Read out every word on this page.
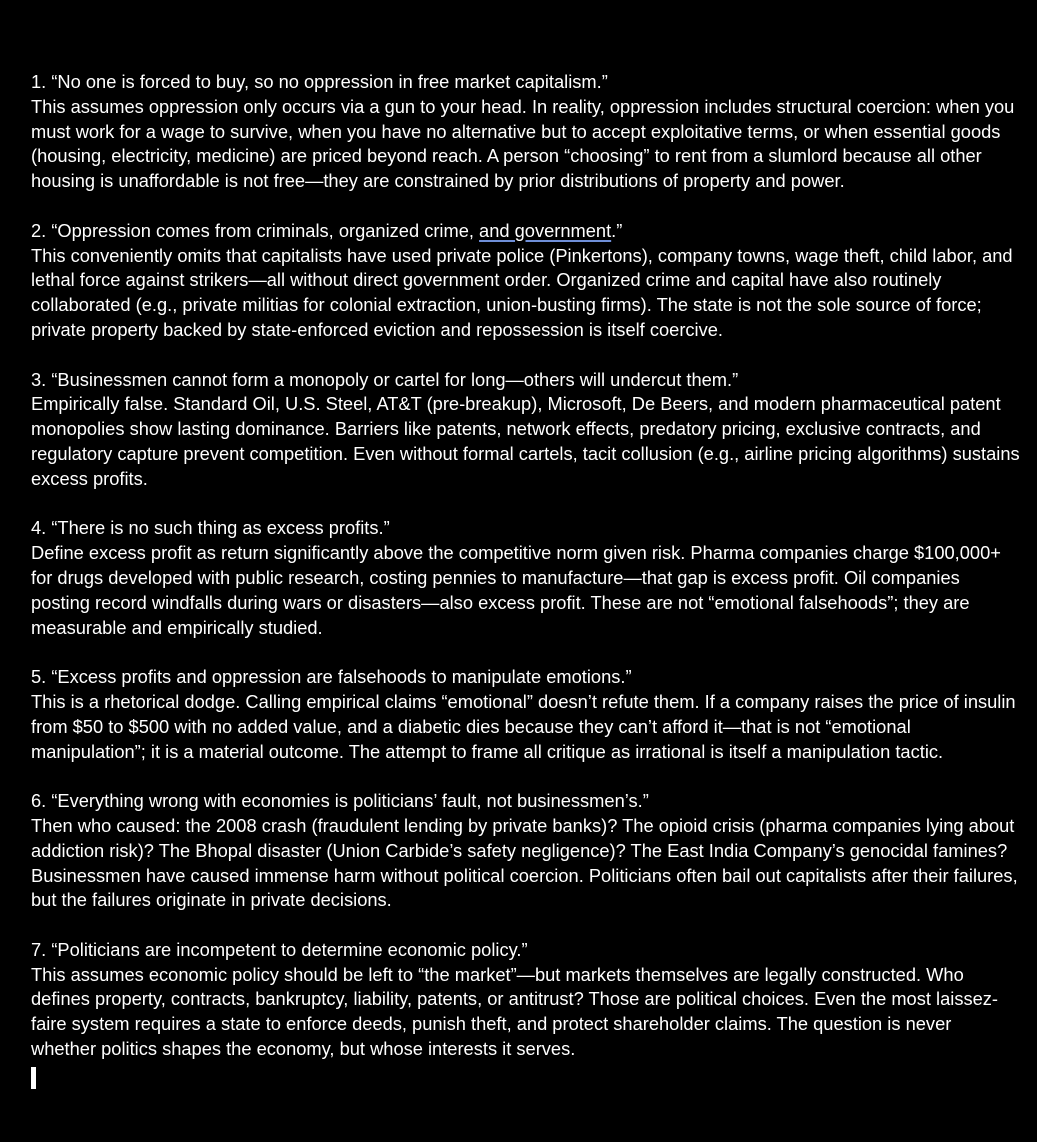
1. “No one is forced to buy, so no oppression in free market capitalism.”
This assumes oppression only occurs via a gun to your head. In reality, oppression includes structural coercion: when you must work for a wage to survive, when you have no alternative but to accept exploitative terms, or when essential goods (housing, electricity, medicine) are priced beyond reach. A person “choosing” to rent from a slumlord because all other housing is unaffordable is not free—they are constrained by prior distributions of property and power.
2. “Oppression comes from criminals, organized crime, and government.”
This conveniently omits that capitalists have used private police (Pinkertons), company towns, wage theft, child labor, and lethal force against strikers—all without direct government order. Organized crime and capital have also routinely collaborated (e.g., private militias for colonial extraction, union-busting firms). The state is not the sole source of force; private property backed by state-enforced eviction and repossession is itself coercive.
3. “Businessmen cannot form a monopoly or cartel for long—others will undercut them.”
Empirically false. Standard Oil, U.S. Steel, AT&T (pre-breakup), Microsoft, De Beers, and modern pharmaceutical patent monopolies show lasting dominance. Barriers like patents, network effects, predatory pricing, exclusive contracts, and regulatory capture prevent competition. Even without formal cartels, tacit collusion (e.g., airline pricing algorithms) sustains excess profits.
4. “There is no such thing as excess profits.”
Define excess profit as return significantly above the competitive norm given risk. Pharma companies charge $100,000+ for drugs developed with public research, costing pennies to manufacture—that gap is excess profit. Oil companies posting record windfalls during wars or disasters—also excess profit. These are not “emotional falsehoods”; they are measurable and empirically studied.
5. “Excess profits and oppression are falsehoods to manipulate emotions.”
This is a rhetorical dodge. Calling empirical claims “emotional” doesn’t refute them. If a company raises the price of insulin from $50 to $500 with no added value, and a diabetic dies because they can’t afford it—that is not “emotional manipulation”; it is a material outcome. The attempt to frame all critique as irrational is itself a manipulation tactic.
6. “Everything wrong with economies is politicians’ fault, not businessmen’s.”
Then who caused: the 2008 crash (fraudulent lending by private banks)? The opioid crisis (pharma companies lying about addiction risk)? The Bhopal disaster (Union Carbide’s safety negligence)? The East India Company’s genocidal famines? Businessmen have caused immense harm without political coercion. Politicians often bail out capitalists after their failures, but the failures originate in private decisions.
7. “Politicians are incompetent to determine economic policy.”
This assumes economic policy should be left to “the market”—but markets themselves are legally constructed. Who defines property, contracts, bankruptcy, liability, patents, or antitrust? Those are political choices. Even the most laissez-faire system requires a state to enforce deeds, punish theft, and protect shareholder claims. The question is never whether politics shapes the economy, but whose interests it serves.
